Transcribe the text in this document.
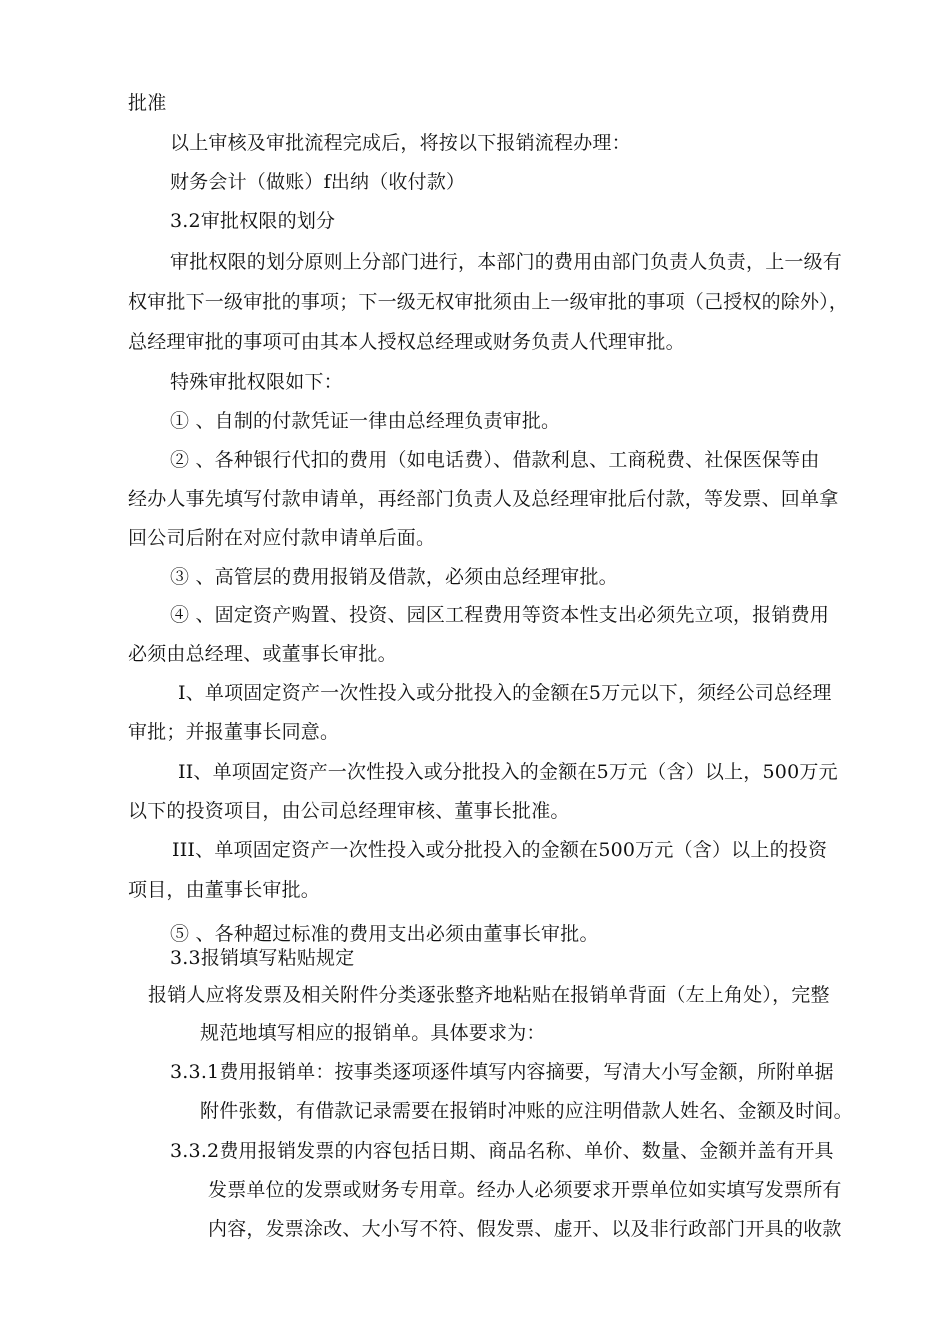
批准
以上审核及审批流程完成后，将按以下报销流程办理：
财务会计（做账）f出纳（收付款）
3.2审批权限的划分
审批权限的划分原则上分部门进行，本部门的费用由部门负责人负责，上一级有
权审批下一级审批的事项；下一级无权审批须由上一级审批的事项（己授权的除外），
总经理审批的事项可由其本人授权总经理或财务负责人代理审批。
特殊审批权限如下：
① 、自制的付款凭证一律由总经理负责审批。
② 、各种银行代扣的费用（如电话费）、借款利息、工商税费、社保医保等由
经办人事先填写付款申请单，再经部门负责人及总经理审批后付款，等发票、回单拿
回公司后附在对应付款申请单后面。
③ 、高管层的费用报销及借款，必须由总经理审批。
④ 、固定资产购置、投资、园区工程费用等资本性支出必须先立项，报销费用
必须由总经理、或董事长审批。
I、单项固定资产一次性投入或分批投入的金额在5万元以下，须经公司总经理
审批；并报董事长同意。
II、单项固定资产一次性投入或分批投入的金额在5万元（含）以上，500万元
以下的投资项目，由公司总经理审核、董事长批准。
III、单项固定资产一次性投入或分批投入的金额在500万元（含）以上的投资
项目，由董事长审批。
⑤ 、各种超过标准的费用支出必须由董事长审批。
3.3报销填写粘贴规定
报销人应将发票及相关附件分类逐张整齐地粘贴在报销单背面（左上角处），完整
规范地填写相应的报销单。具体要求为：
3.3.1费用报销单：按事类逐项逐件填写内容摘要，写清大小写金额，所附单据
附件张数，有借款记录需要在报销时冲账的应注明借款人姓名、金额及时间。
3.3.2费用报销发票的内容包括日期、商品名称、单价、数量、金额并盖有开具
发票单位的发票或财务专用章。经办人必须要求开票单位如实填写发票所有
内容，发票涂改、大小写不符、假发票、虚开、以及非行政部门开具的收款
